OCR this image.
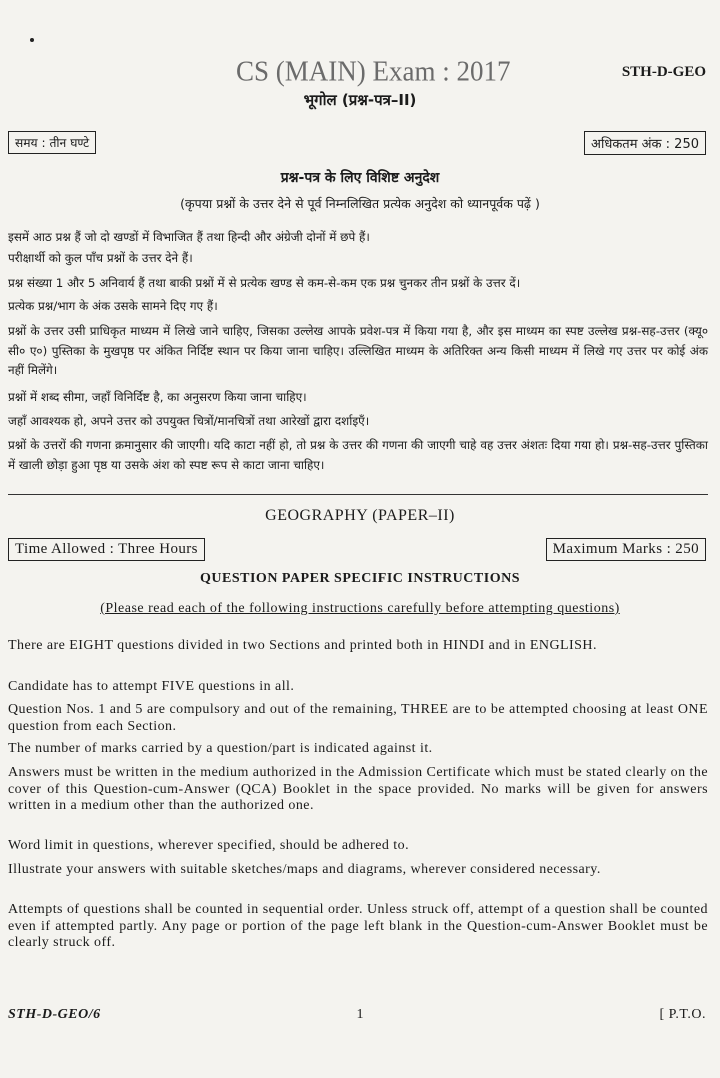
CS (MAIN) Exam : 2017	STH-D-GEO
भूगोल (प्रश्न-पत्र–II)
समय : तीन घण्टे	अधिकतम अंक : 250
प्रश्न-पत्र के लिए विशिष्ट अनुदेश
(कृपया प्रश्नों के उत्तर देने से पूर्व निम्नलिखित प्रत्येक अनुदेश को ध्यानपूर्वक पढ़ें )

इसमें आठ प्रश्न हैं जो दो खण्डों में विभाजित हैं तथा हिन्दी और अंग्रेजी दोनों में छपे हैं।

परीक्षार्थी को कुल पाँच प्रश्नों के उत्तर देने हैं।

प्रश्न संख्या 1 और 5 अनिवार्य हैं तथा बाकी प्रश्नों में से प्रत्येक खण्ड से कम-से-कम एक प्रश्न चुनकर तीन प्रश्नों के उत्तर दें।

प्रत्येक प्रश्न/भाग के अंक उसके सामने दिए गए हैं।

प्रश्नों के उत्तर उसी प्राधिकृत माध्यम में लिखे जाने चाहिए, जिसका उल्लेख आपके प्रवेश-पत्र में किया गया है, और इस माध्यम का स्पष्ट उल्लेख प्रश्न-सह-उत्तर (क्यू० सी० ए०) पुस्तिका के मुखपृष्ठ पर अंकित निर्दिष्ट स्थान पर किया जाना चाहिए। उल्लिखित माध्यम के अतिरिक्त अन्य किसी माध्यम में लिखे गए उत्तर पर कोई अंक नहीं मिलेंगे।

प्रश्नों में शब्द सीमा, जहाँ विनिर्दिष्ट है, का अनुसरण किया जाना चाहिए।

जहाँ आवश्यक हो, अपने उत्तर को उपयुक्त चित्रों/मानचित्रों तथा आरेखों द्वारा दर्शाइएँ।

प्रश्नों के उत्तरों की गणना क्रमानुसार की जाएगी। यदि काटा नहीं हो, तो प्रश्न के उत्तर की गणना की जाएगी चाहे वह उत्तर अंशतः दिया गया हो। प्रश्न-सह-उत्तर पुस्तिका में खाली छोड़ा हुआ पृष्ठ या उसके अंश को स्पष्ट रूप से काटा जाना चाहिए।

GEOGRAPHY (PAPER–II)
Time Allowed : Three Hours	Maximum Marks : 250
QUESTION PAPER SPECIFIC INSTRUCTIONS
(Please read each of the following instructions carefully before attempting questions)

There are EIGHT questions divided in two Sections and printed both in HINDI and in ENGLISH.

Candidate has to attempt FIVE questions in all.

Question Nos. 1 and 5 are compulsory and out of the remaining, THREE are to be attempted choosing at least ONE question from each Section.

The number of marks carried by a question/part is indicated against it.

Answers must be written in the medium authorized in the Admission Certificate which must be stated clearly on the cover of this Question-cum-Answer (QCA) Booklet in the space provided. No marks will be given for answers written in a medium other than the authorized one.

Word limit in questions, wherever specified, should be adhered to.

Illustrate your answers with suitable sketches/maps and diagrams, wherever considered necessary.

Attempts of questions shall be counted in sequential order. Unless struck off, attempt of a question shall be counted even if attempted partly. Any page or portion of the page left blank in the Question-cum-Answer Booklet must be clearly struck off.

STH-D-GEO/6	1	[ P.T.O.
